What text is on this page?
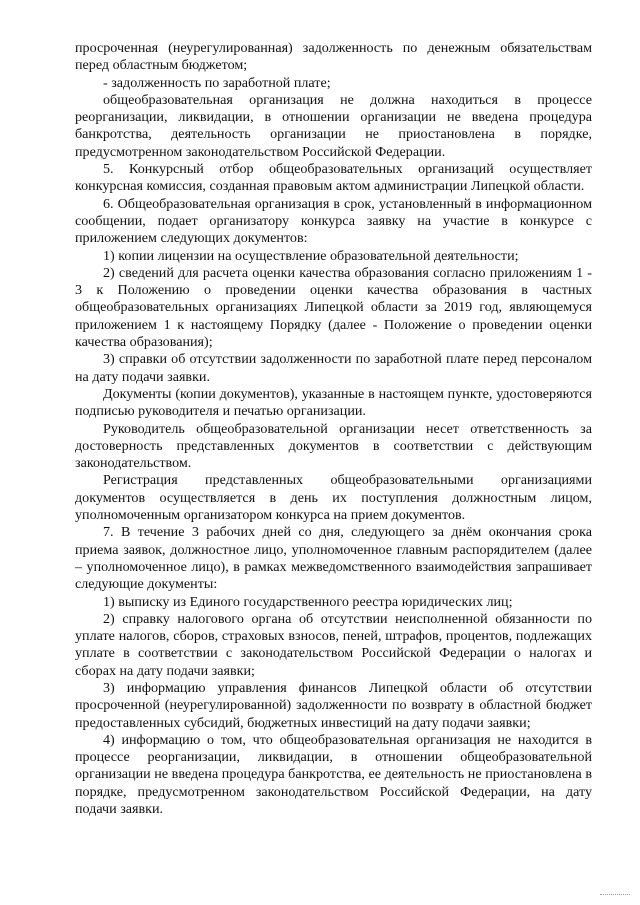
просроченная (неурегулированная) задолженность по денежным обязательствам перед областным бюджетом;

- задолженность по заработной плате;

общеобразовательная организация не должна находиться в процессе реорганизации, ликвидации, в отношении организации не введена процедура банкротства, деятельность организации не приостановлена в порядке, предусмотренном законодательством Российской Федерации.

5. Конкурсный отбор общеобразовательных организаций осуществляет конкурсная комиссия, созданная правовым актом администрации Липецкой области.

6. Общеобразовательная организация в срок, установленный в информационном сообщении, подает организатору конкурса заявку на участие в конкурсе с приложением следующих документов:

1) копии лицензии на осуществление образовательной деятельности;

2) сведений для расчета оценки качества образования согласно приложениям 1 - 3 к Положению о проведении оценки качества образования в частных общеобразовательных организациях Липецкой области за 2019 год, являющемуся приложением 1 к настоящему Порядку (далее - Положение о проведении оценки качества образования);

3) справки об отсутствии задолженности по заработной плате перед персоналом на дату подачи заявки.

Документы (копии документов), указанные в настоящем пункте, удостоверяются подписью руководителя и печатью организации.

Руководитель общеобразовательной организации несет ответственность за достоверность представленных документов в соответствии с действующим законодательством.

Регистрация представленных общеобразовательными организациями документов осуществляется в день их поступления должностным лицом, уполномоченным организатором конкурса на прием документов.

7. В течение 3 рабочих дней со дня, следующего за днём окончания срока приема заявок, должностное лицо, уполномоченное главным распорядителем (далее – уполномоченное лицо), в рамках межведомственного взаимодействия запрашивает следующие документы:

1) выписку из Единого государственного реестра юридических лиц;

2) справку налогового органа об отсутствии неисполненной обязанности по уплате налогов, сборов, страховых взносов, пеней, штрафов, процентов, подлежащих уплате в соответствии с законодательством Российской Федерации о налогах и сборах на дату подачи заявки;

3) информацию управления финансов Липецкой области об отсутствии просроченной (неурегулированной) задолженности по возврату в областной бюджет предоставленных субсидий, бюджетных инвестиций на дату подачи заявки;

4) информацию о том, что общеобразовательная организация не находится в процессе реорганизации, ликвидации, в отношении общеобразовательной организации не введена процедура банкротства, ее деятельность не приостановлена в порядке, предусмотренном законодательством Российской Федерации, на дату подачи заявки.
